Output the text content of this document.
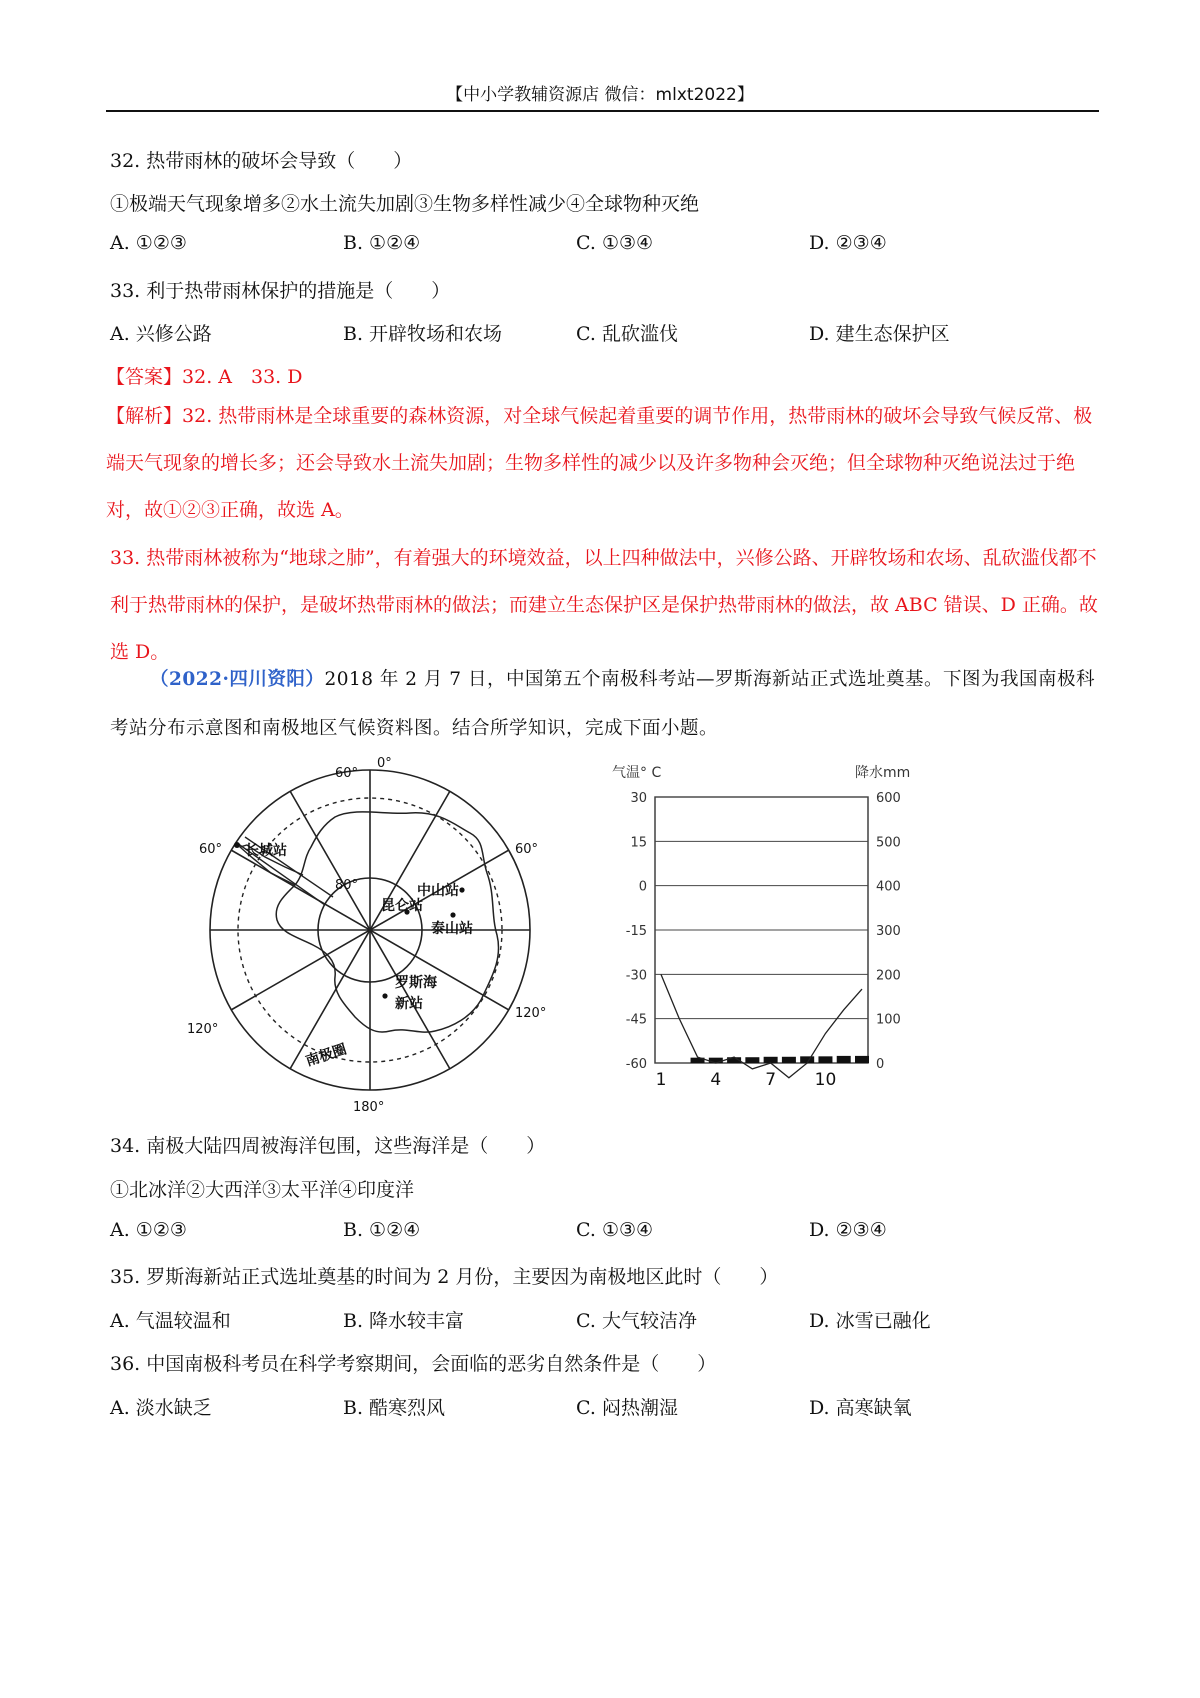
【中小学教辅资源店 微信：mlxt2022】
32. 热带雨林的破坏会导致（　　）
①极端天气现象增多②水土流失加剧③生物多样性减少④全球物种灭绝
A. ①②③	B. ①②④	C. ①③④	D. ②③④
33. 利于热带雨林保护的措施是（　　）
A. 兴修公路	B. 开辟牧场和农场	C. 乱砍滥伐	D. 建生态保护区
【答案】32. A　33. D
【解析】32. 热带雨林是全球重要的森林资源，对全球气候起着重要的调节作用，热带雨林的破坏会导致气候反常、极端天气现象的增长多；还会导致水土流失加剧；生物多样性的减少以及许多物种会灭绝；但全球物种灭绝说法过于绝对，故①②③正确，故选 A。
33. 热带雨林被称为“地球之肺”，有着强大的环境效益，以上四种做法中，兴修公路、开辟牧场和农场、乱砍滥伐都不利于热带雨林的保护，是破坏热带雨林的做法；而建立生态保护区是保护热带雨林的做法，故 ABC 错误、D 正确。故选 D。
（2022·四川资阳）2018 年 2 月 7 日，中国第五个南极科考站—罗斯海新站正式选址奠基。下图为我国南极科考站分布示意图和南极地区气候资料图。结合所学知识，完成下面小题。
0°
60°
60°	60°
80°
120°
120°
180°
长城站
中山站
昆仑站
泰山站
罗斯海
新站
南极圈
气温° C	降水mm
30
15
0
-15
-30
-45
-60
600
500
400
300
200
100
0
1	4	7 10
34. 南极大陆四周被海洋包围，这些海洋是（　　）
①北冰洋②大西洋③太平洋④印度洋
A. ①②③	B. ①②④	C. ①③④	D. ②③④
35. 罗斯海新站正式选址奠基的时间为 2 月份，主要因为南极地区此时（　　）
A. 气温较温和	B. 降水较丰富	C. 大气较洁净	D. 冰雪已融化
36. 中国南极科考员在科学考察期间，会面临的恶劣自然条件是（　　）
A. 淡水缺乏	B. 酷寒烈风	C. 闷热潮湿	D. 高寒缺氧
